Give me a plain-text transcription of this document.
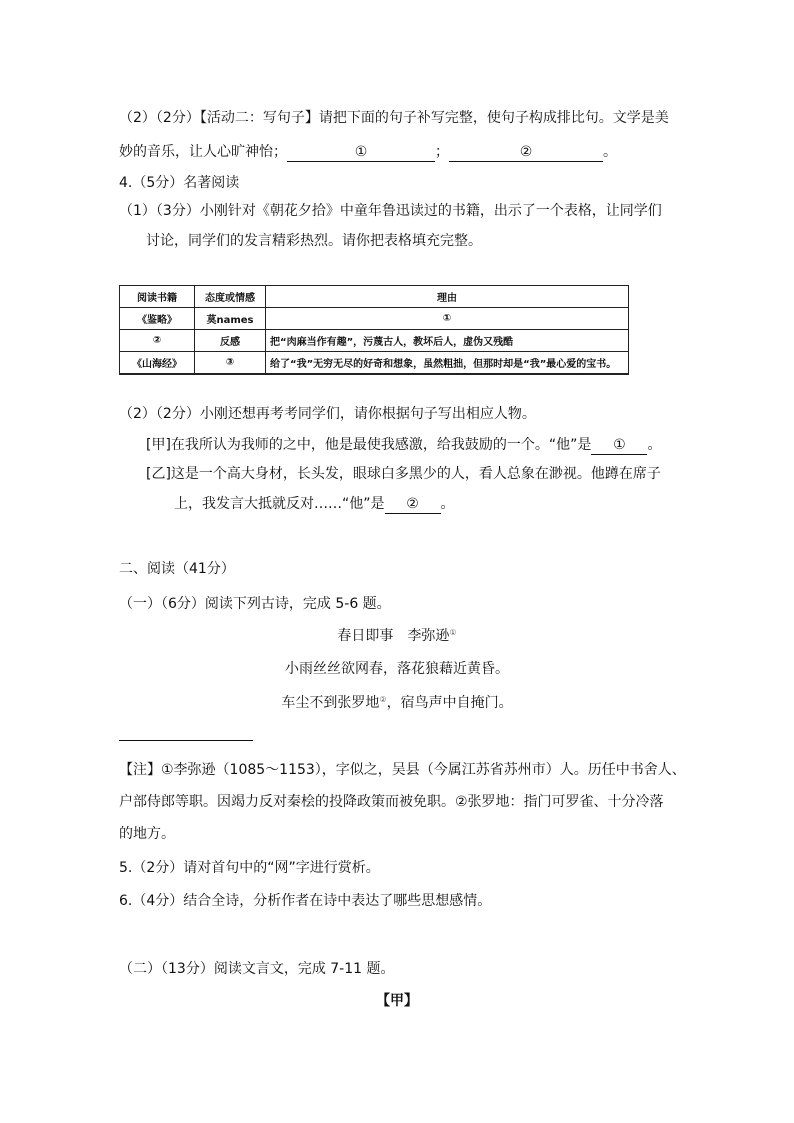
（2）（2分）【活动二：写句子】请把下面的句子补写完整，使句子构成排比句。文学是美
妙的音乐，让人心旷神怡；	①	；	②	。
4.（5分）名著阅读
（1）（3分）小刚针对《朝花夕拾》中童年鲁迅读过的书籍，出示了一个表格，让同学们
讨论，同学们的发言精彩热烈。请你把表格填充完整。
阅读书籍	态度或情感	理由
《鉴略》	莫names	①
②	反感	把“肉麻当作有趣”，污蔑古人，教坏后人，虚伪又残酷
《山海经》	③	给了“我”无穷无尽的好奇和想象，虽然粗拙，但那时却是“我”最心爱的宝书。
（2）（2分）小刚还想再考考同学们，请你根据句子写出相应人物。
[甲]在我所认为我师的之中，他是最使我感激，给我鼓励的一个。“他”是 ① 。
[乙]这是一个高大身材，长头发，眼球白多黑少的人，看人总象在渺视。他蹲在席子
上，我发言大抵就反对……“他”是 ② 。
二、阅读（41分）
（一）（6分）阅读下列古诗，完成 5-6 题。
春日即事　李弥逊①
小雨丝丝欲网春，落花狼藉近黄昏。
车尘不到张罗地②，宿鸟声中自掩门。
【注】①李弥逊（1085～1153），字似之，吴县（今属江苏省苏州市）人。历任中书舍人、
户部侍郎等职。因竭力反对秦桧的投降政策而被免职。②张罗地：指门可罗雀、十分冷落
的地方。
5.（2分）请对首句中的“网”字进行赏析。
6.（4分）结合全诗，分析作者在诗中表达了哪些思想感情。
（二）（13分）阅读文言文，完成 7-11 题。
【甲】
